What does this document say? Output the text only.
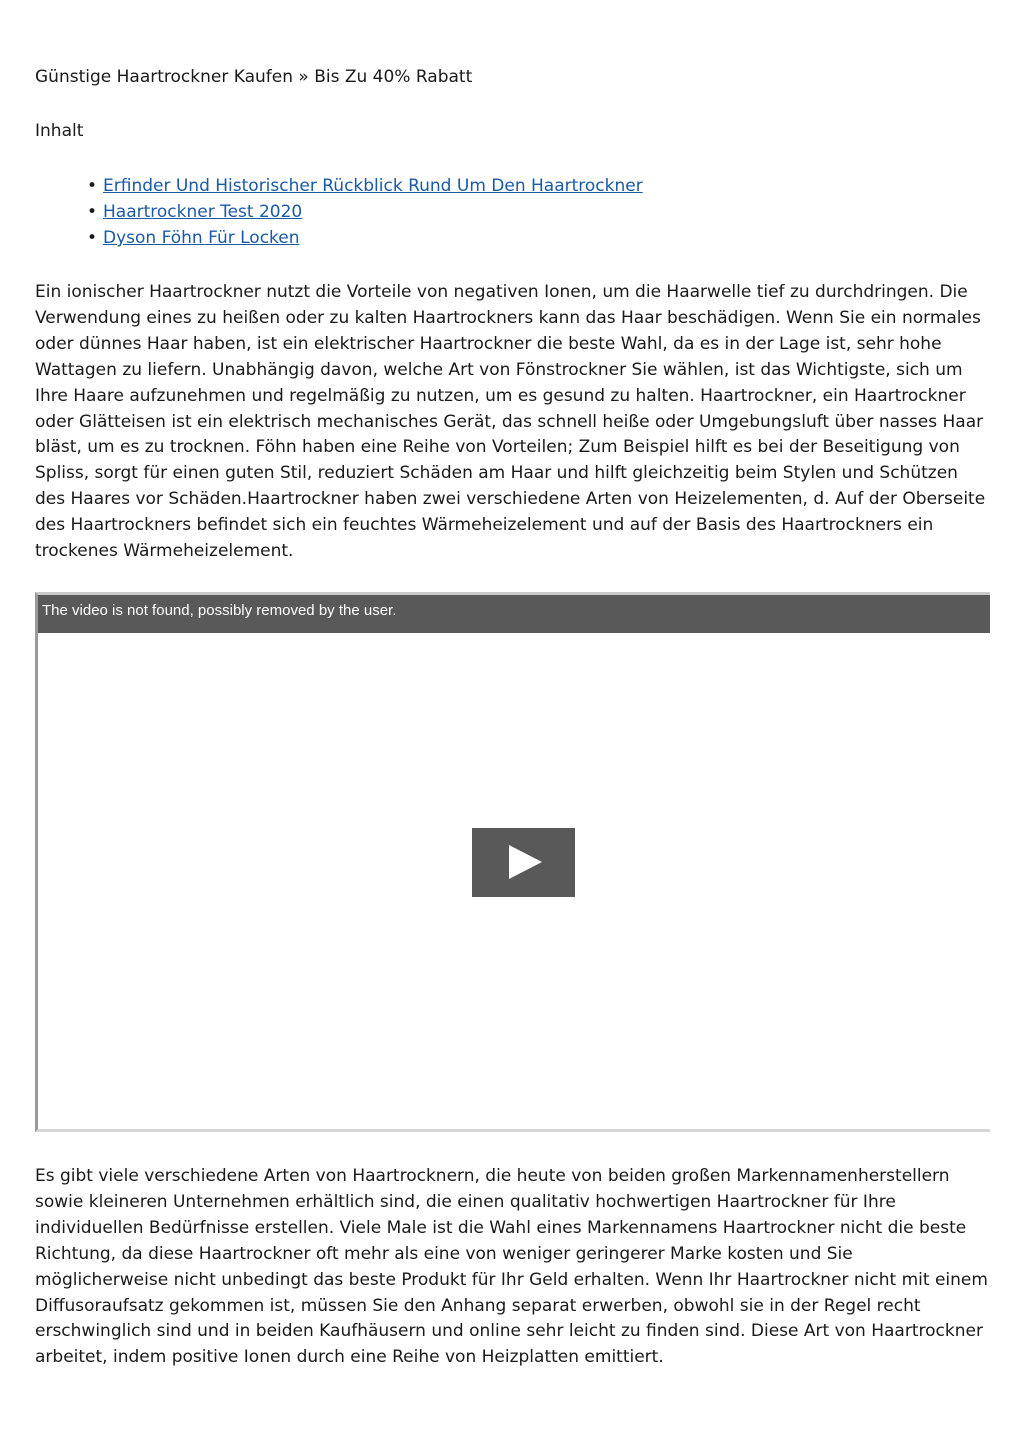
Günstige Haartrockner Kaufen » Bis Zu 40% Rabatt
Inhalt
• Erfinder Und Historischer Rückblick Rund Um Den Haartrockner
• Haartrockner Test 2020
• Dyson Föhn Für Locken

Ein ionischer Haartrockner nutzt die Vorteile von negativen Ionen, um die Haarwelle tief zu durchdringen. Die Verwendung eines zu heißen oder zu kalten Haartrockners kann das Haar beschädigen. Wenn Sie ein normales oder dünnes Haar haben, ist ein elektrischer Haartrockner die beste Wahl, da es in der Lage ist, sehr hohe Wattagen zu liefern. Unabhängig davon, welche Art von Fönstrockner Sie wählen, ist das Wichtigste, sich um Ihre Haare aufzunehmen und regelmäßig zu nutzen, um es gesund zu halten. Haartrockner, ein Haartrockner oder Glätteisen ist ein elektrisch mechanisches Gerät, das schnell heiße oder Umgebungsluft über nasses Haar bläst, um es zu trocknen. Föhn haben eine Reihe von Vorteilen; Zum Beispiel hilft es bei der Beseitigung von Spliss, sorgt für einen guten Stil, reduziert Schäden am Haar und hilft gleichzeitig beim Stylen und Schützen des Haares vor Schäden.Haartrockner haben zwei verschiedene Arten von Heizelementen, d. Auf der Oberseite des Haartrockners befindet sich ein feuchtes Wärmeheizelement und auf der Basis des Haartrockners ein trockenes Wärmeheizelement.

The video is not found, possibly removed by the user.

Es gibt viele verschiedene Arten von Haartrocknern, die heute von beiden großen Markennamenherstellern sowie kleineren Unternehmen erhältlich sind, die einen qualitativ hochwertigen Haartrockner für Ihre individuellen Bedürfnisse erstellen. Viele Male ist die Wahl eines Markennamens Haartrockner nicht die beste Richtung, da diese Haartrockner oft mehr als eine von weniger geringerer Marke kosten und Sie möglicherweise nicht unbedingt das beste Produkt für Ihr Geld erhalten. Wenn Ihr Haartrockner nicht mit einem Diffusoraufsatz gekommen ist, müssen Sie den Anhang separat erwerben, obwohl sie in der Regel recht erschwinglich sind und in beiden Kaufhäusern und online sehr leicht zu finden sind. Diese Art von Haartrockner arbeitet, indem positive Ionen durch eine Reihe von Heizplatten emittiert.
